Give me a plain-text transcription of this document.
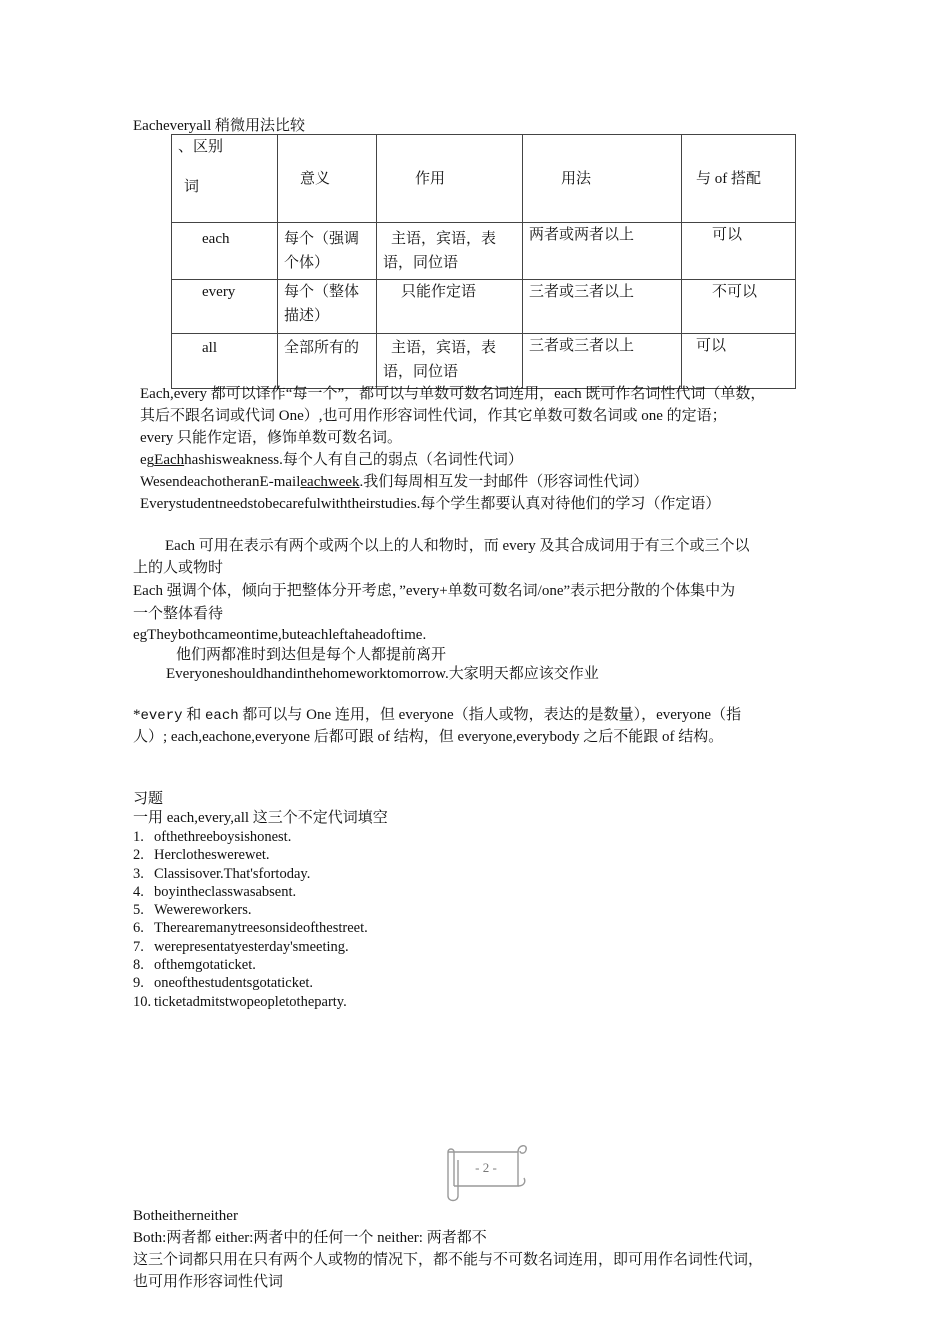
Eacheveryall 稍微用法比较
、区别
词	意义	作用	用法	与 of 搭配
each	每个（强调个体）	主语，宾语，表语，同位语	两者或两者以上	可以
every	每个（整体描述）	只能作定语	三者或三者以上	不可以
all	全部所有的	主语，宾语，表语，同位语	三者或三者以上	可以
Each,every 都可以译作“每一个”，都可以与单数可数名词连用，each 既可作名词性代词（单数，
其后不跟名词或代词 One）,也可用作形容词性代词，作其它单数可数名词或 one 的定语；
every 只能作定语，修饰单数可数名词。
egEachhashisweakness.每个人有自己的弱点（名词性代词）
WesendeachotheranE-maileachweek.我们每周相互发一封邮件（形容词性代词）
Everystudentneedstobecarefulwiththeirstudies.每个学生都要认真对待他们的学习（作定语）
Each 可用在表示有两个或两个以上的人和物时，而 every 及其合成词用于有三个或三个以
上的人或物时
Each 强调个体，倾向于把整体分开考虑，”every+单数可数名词/one”表示把分散的个体集中为
一个整体看待
egTheybothcameontime,buteachleftaheadoftime.
他们两都准时到达但是每个人都提前离开
Everyoneshouldhandinthehomeworktomorrow.大家明天都应该交作业
*every 和 each 都可以与 One 连用，但 everyone（指人或物，表达的是数量），everyone（指
人）; each,eachone,everyone 后都可跟 of 结构，但 everyone,everybody 之后不能跟 of 结构。
习题
一用 each,every,all 这三个不定代词填空
1. ofthethreeboysishonest.
2. Herclotheswerewet.
3. Classisover.That'sfortoday.
4. boyintheclasswasabsent.
5. Wewereworkers.
6. Therearemanytreesonsideofthestreet.
7. werepresentatyesterday'smeeting.
8. ofthemgotaticket.
9. oneofthestudentsgotaticket.
10. ticketadmitstwopeopletotheparty.
- 2 -
Botheitherneither
Both:两者都 either:两者中的任何一个 neither: 两者都不
这三个词都只用在只有两个人或物的情况下，都不能与不可数名词连用，即可用作名词性代词，
也可用作形容词性代词
